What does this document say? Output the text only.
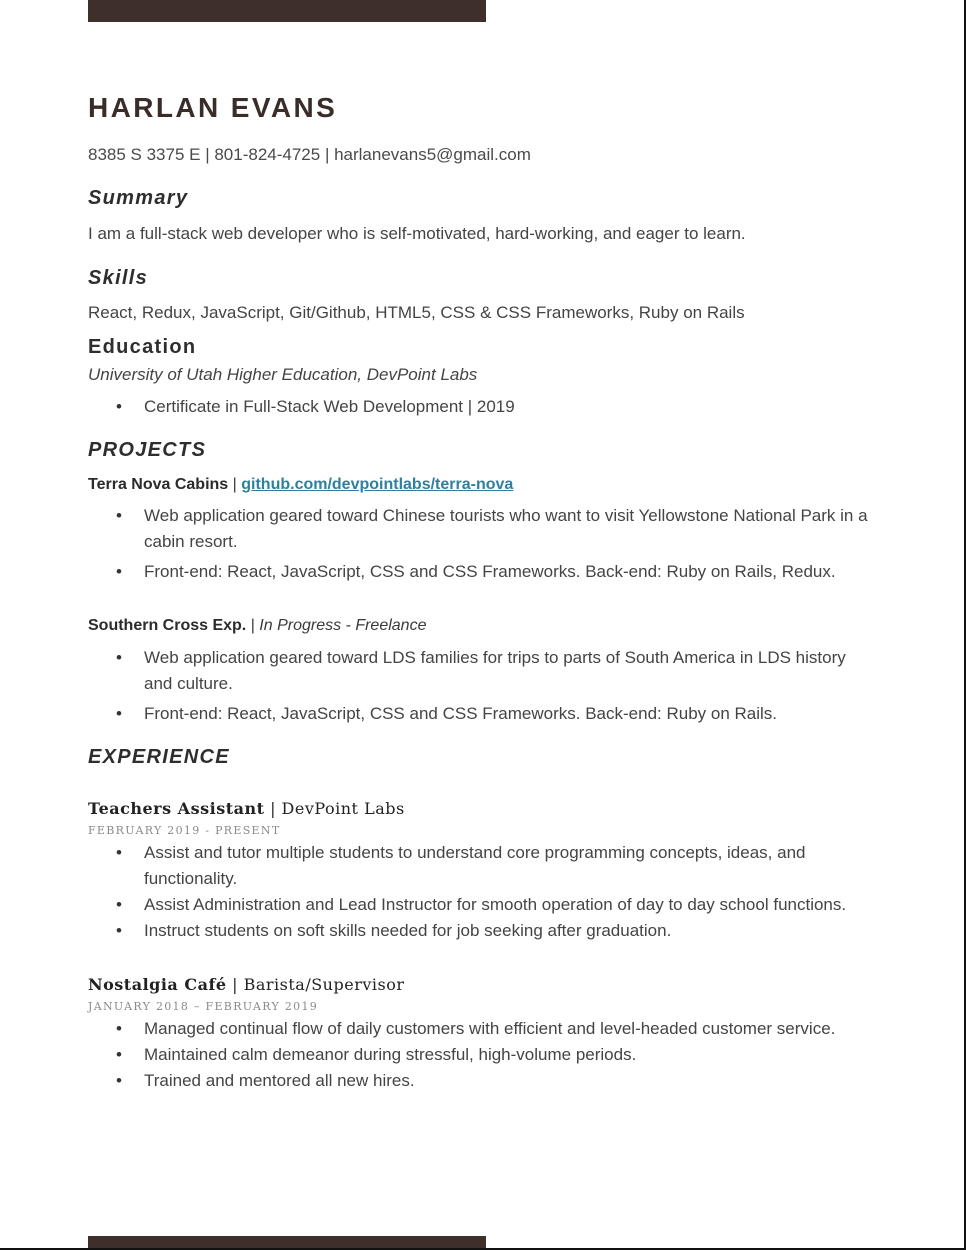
HARLAN EVANS
8385 S 3375 E | 801-824-4725 | harlanevans5@gmail.com
Summary
I am a full-stack web developer who is self-motivated, hard-working, and eager to learn.
Skills
React, Redux, JavaScript, Git/Github, HTML5, CSS & CSS Frameworks, Ruby on Rails
Education
University of Utah Higher Education, DevPoint Labs
• Certificate in Full-Stack Web Development | 2019
PROJECTS
Terra Nova Cabins | github.com/devpointlabs/terra-nova
• Web application geared toward Chinese tourists who want to visit Yellowstone National Park in a cabin resort.
• Front-end: React, JavaScript, CSS and CSS Frameworks. Back-end: Ruby on Rails, Redux.
Southern Cross Exp. | In Progress - Freelance
• Web application geared toward LDS families for trips to parts of South America in LDS history and culture.
• Front-end: React, JavaScript, CSS and CSS Frameworks. Back-end: Ruby on Rails.
EXPERIENCE
Teachers Assistant | DevPoint Labs
FEBRUARY 2019 - PRESENT
• Assist and tutor multiple students to understand core programming concepts, ideas, and functionality.
• Assist Administration and Lead Instructor for smooth operation of day to day school functions.
• Instruct students on soft skills needed for job seeking after graduation.
Nostalgia Café | Barista/Supervisor
JANUARY 2018 – FEBRUARY 2019
• Managed continual flow of daily customers with efficient and level-headed customer service.
• Maintained calm demeanor during stressful, high-volume periods.
• Trained and mentored all new hires.
